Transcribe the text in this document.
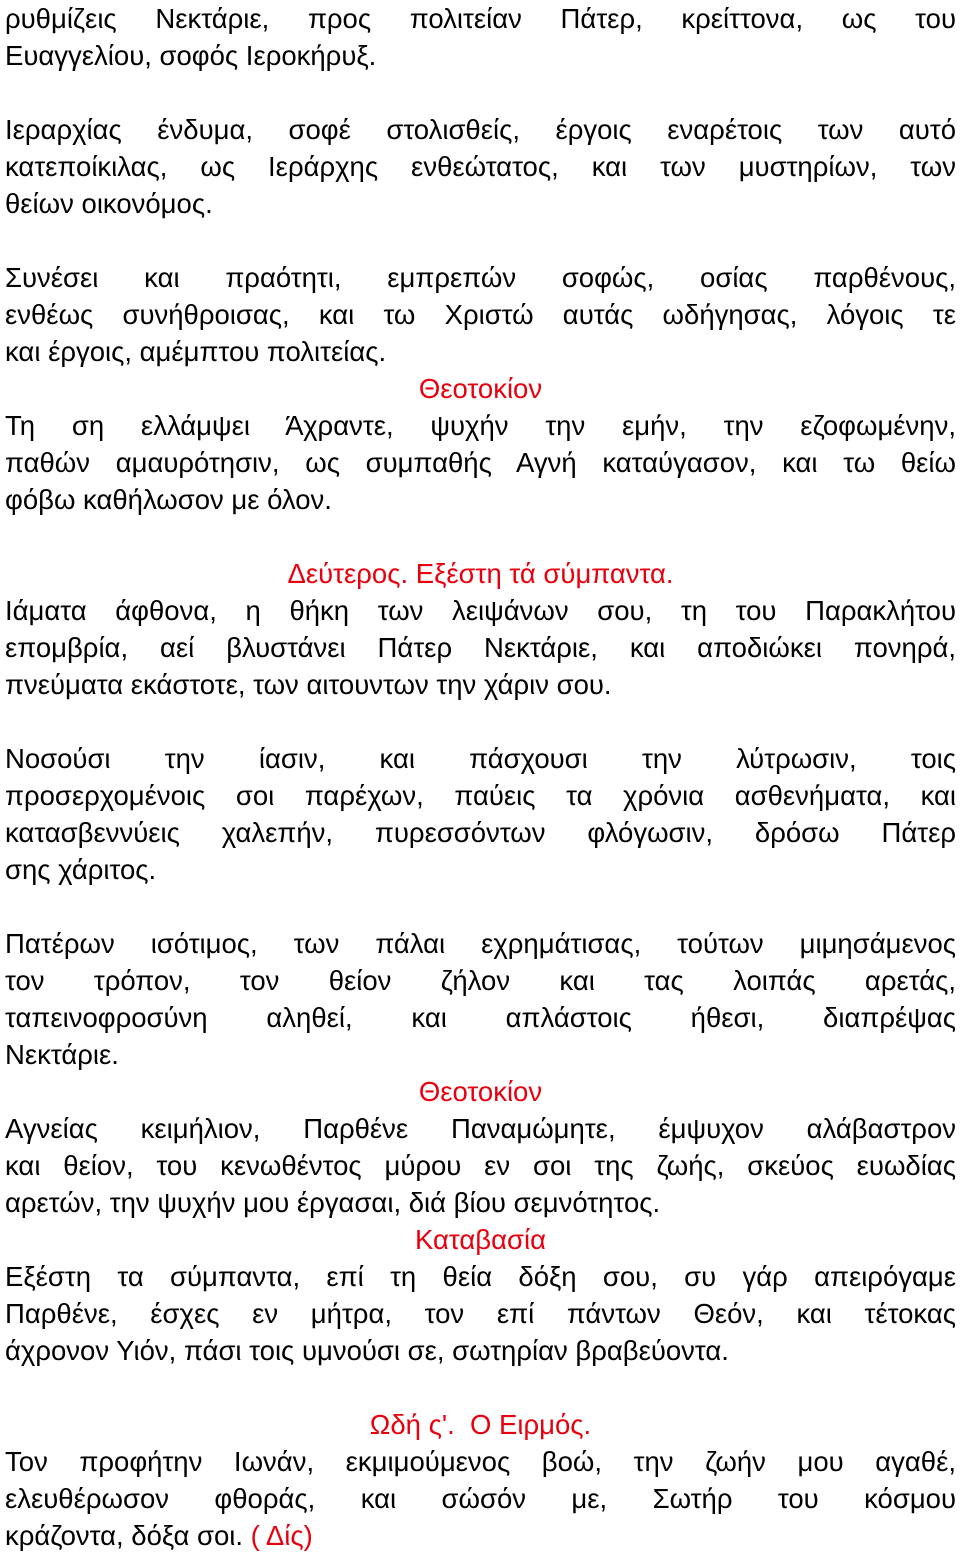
ρυθμίζεις Νεκτάριε, προς πολιτείαν Πάτερ, κρείττονα, ως του
Ευαγγελίου, σοφός Ιεροκήρυξ.
Ιεραρχίας ένδυμα, σοφέ στολισθείς, έργοις εναρέτοις των αυτό
κατεποίκιλας, ως Ιεράρχης ενθεώτατος, και των μυστηρίων, των
θείων οικονόμος.
Συνέσει και πραότητι, εμπρεπών σοφώς, οσίας παρθένους,
ενθέως συνήθροισας, και τω Χριστώ αυτάς ωδήγησας, λόγοις τε
και έργοις, αμέμπτου πολιτείας.
Θεοτοκίον
Τη ση ελλάμψει Άχραντε, ψυχήν την εμήν, την εζοφωμένην,
παθών αμαυρότησιν, ως συμπαθής Αγνή καταύγασον, και τω θείω
φόβω καθήλωσον με όλον.
Δεύτερος. Εξέστη τά σύμπαντα.
Ιάματα άφθονα, η θήκη των λειψάνων σου, τη του Παρακλήτου
επομβρία, αεί βλυστάνει Πάτερ Νεκτάριε, και αποδιώκει πονηρά,
πνεύματα εκάστοτε, των αιτουντων την χάριν σου.
Νοσούσι την ίασιν, και πάσχουσι την λύτρωσιν, τοις
προσερχομένοις σοι παρέχων, παύεις τα χρόνια ασθενήματα, και
κατασβεννύεις χαλεπήν, πυρεσσόντων φλόγωσιν, δρόσω Πάτερ
σης χάριτος.
Πατέρων ισότιμος, των πάλαι εχρημάτισας, τούτων μιμησάμενος
τον τρόπον, τον θείον ζήλον και τας λοιπάς αρετάς,
ταπεινοφροσύνη αληθεί, και απλάστοις ήθεσι, διαπρέψας
Νεκτάριε.
Θεοτοκίον
Αγνείας κειμήλιον, Παρθένε Παναμώμητε, έμψυχον αλάβαστρον
και θείον, του κενωθέντος μύρου εν σοι της ζωής, σκεύος ευωδίας
αρετών, την ψυχήν μου έργασαι, διά βίου σεμνότητος.
Καταβασία
Εξέστη τα σύμπαντα, επί τη θεία δόξη σου, συ γάρ απειρόγαμε
Παρθένε, έσχες εν μήτρα, τον επί πάντων Θεόν, και τέτοκας
άχρονον Υιόν, πάσι τοις υμνούσι σε, σωτηρίαν βραβεύοντα.
Ωδή ς'.  Ο Ειρμός.
Τον προφήτην Ιωνάν, εκμιμούμενος βοώ, την ζωήν μου αγαθέ,
ελευθέρωσον φθοράς, και σώσόν με, Σωτήρ του κόσμου
κράζοντα, δόξα σοι. ( Δίς)
